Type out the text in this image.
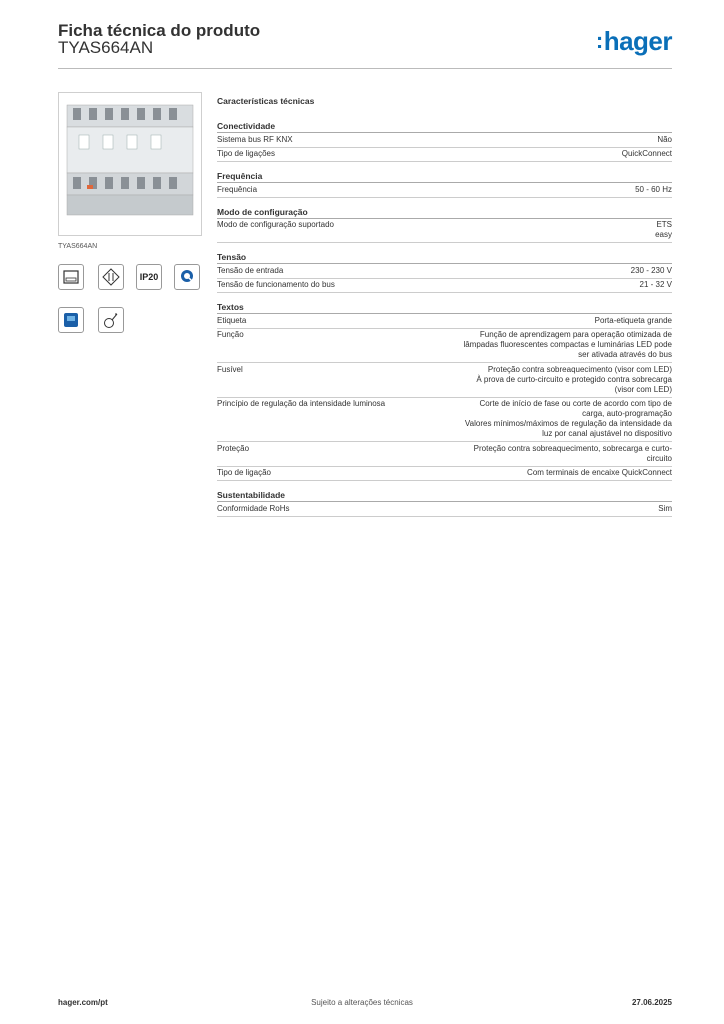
Ficha técnica do produto
TYAS664AN	:hager
TYAS664AN
IP20
Características técnicas
Conectividade
Sistema bus RF KNX	Não
Tipo de ligações	QuickConnect
Frequência
Frequência	50 - 60 Hz
Modo de configuração
Modo de configuração suportado	ETS
easy
Tensão
Tensão de entrada	230 - 230 V
Tensão de funcionamento do bus	21 - 32 V
Textos
Etiqueta	Porta-etiqueta grande
Função	Função de aprendizagem para operação otimizada de
lâmpadas fluorescentes compactas e luminárias LED pode
ser ativada através do bus
Fusível	Proteção contra sobreaquecimento (visor com LED)
À prova de curto-circuito e protegido contra sobrecarga
(visor com LED)
Princípio de regulação da intensidade luminosa	Corte de início de fase ou corte de acordo com tipo de
carga, auto-programação
Valores mínimos/máximos de regulação da intensidade da
luz por canal ajustável no dispositivo
Proteção	Proteção contra sobreaquecimento, sobrecarga e curto-
circuito
Tipo de ligação	Com terminais de encaixe QuickConnect
Sustentabilidade
Conformidade RoHs	Sim
hager.com/pt	Sujeito a alterações técnicas	27.06.2025
